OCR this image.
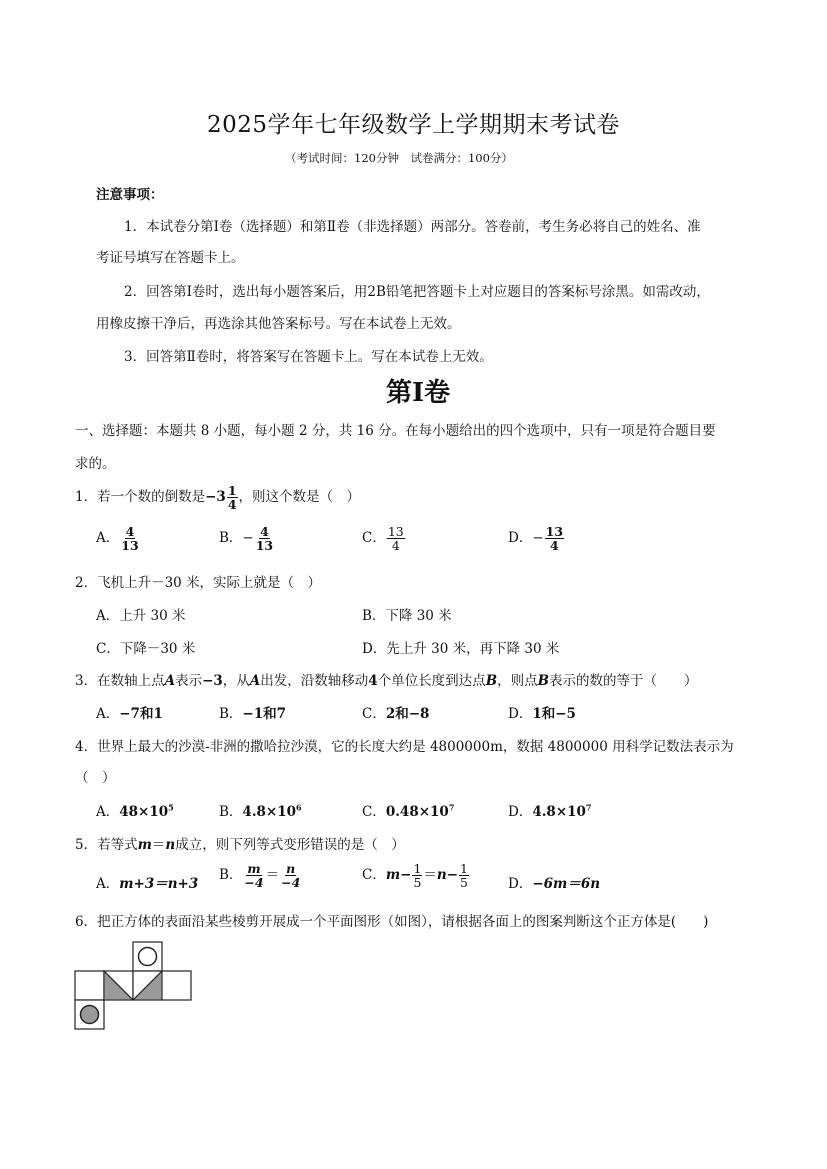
2025学年七年级数学上学期期末考试卷
（考试时间：120分钟　试卷满分：100分）
注意事项：
1．本试卷分第Ⅰ卷（选择题）和第Ⅱ卷（非选择题）两部分。答卷前，考生务必将自己的姓名、准
考证号填写在答题卡上。
2．回答第Ⅰ卷时，选出每小题答案后，用2B铅笔把答题卡上对应题目的答案标号涂黑。如需改动，
用橡皮擦干净后，再选涂其他答案标号。写在本试卷上无效。
3．回答第Ⅱ卷时，将答案写在答题卡上。写在本试卷上无效。
第Ⅰ卷
一、选择题：本题共 8 小题，每小题 2 分，共 16 分。在每小题给出的四个选项中，只有一项是符合题目要
求的。
1．若一个数的倒数是$-3 \frac{1}{4}$ ，则这个数是（　）
A． $\frac{4}{13}$	B．− $\frac{4}{13}$	C． $\frac{13}{4}$	D．− $\frac{13}{4}$
2．飞机上升－30 米，实际上就是（　）
A．上升 30 米	B．下降 30 米
C．下降－30 米	D．先上升 30 米，再下降 30 米
3．在数轴上点A表示−3，从A出发，沿数轴移动4个单位长度到达点B，则点B表示的数的等于（　　）
A．−7和1	B．−1和7	C．2和−8	D．1和−5
4．世界上最大的沙漠-非洲的撒哈拉沙漠，它的长度大约是 4800000m，数据 4800000 用科学记数法表示为
（　）
A．$48\times 10^5$	B．$4.8\times 10^6$	C．$0.48\times 10^7$	D．$4.8\times 10^7$
5．若等式m＝n成立，则下列等式变形错误的是（　）
A．m+3＝n+3
B． $\frac{m}{-4} = \frac{n}{-4}$	C．$m- \frac{1}{5} =n- \frac{1}{5}$	D．−6m＝6n
6．把正方体的表面沿某些棱剪开展成一个平面图形（如图），请根据各面上的图案判断这个正方体是(　　)
